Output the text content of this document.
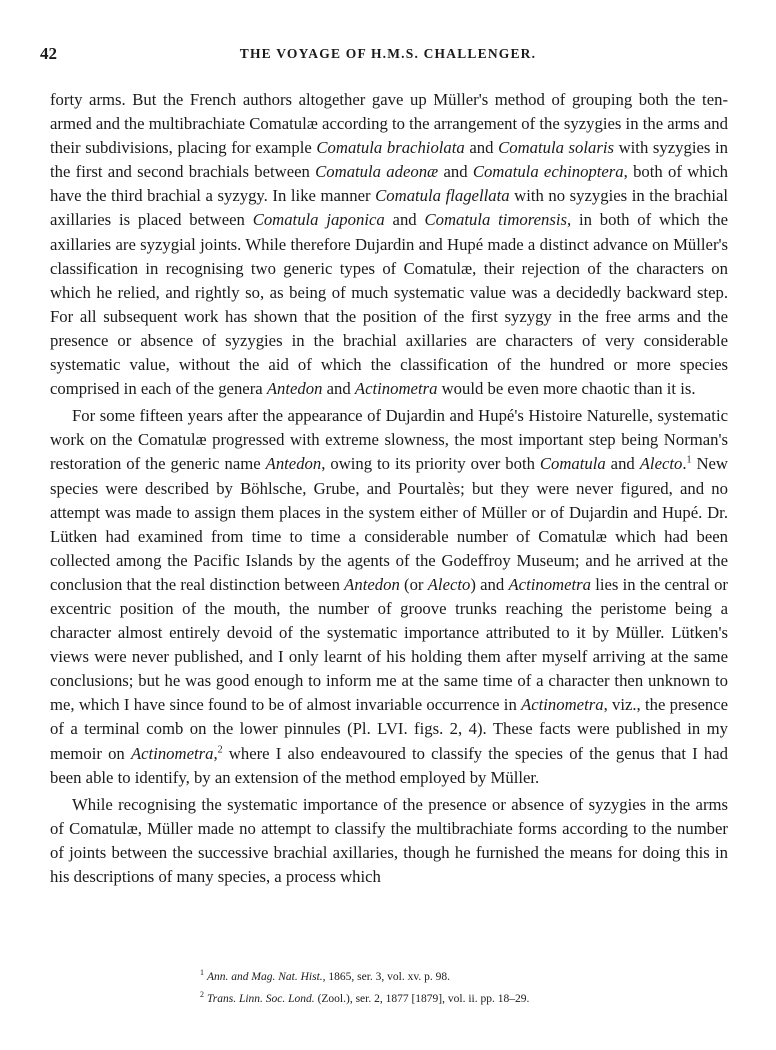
42	THE VOYAGE OF H.M.S. CHALLENGER.

forty arms. But the French authors altogether gave up Müller's method of grouping both the ten-armed and the multibrachiate Comatulæ according to the arrangement of the syzygies in the arms and their subdivisions, placing for example Comatula brachiolata and Comatula solaris with syzygies in the first and second brachials between Comatula adeonæ and Comatula echinoptera, both of which have the third brachial a syzygy. In like manner Comatula flagellata with no syzygies in the brachial axillaries is placed between Comatula japonica and Comatula timorensis, in both of which the axillaries are syzygial joints. While therefore Dujardin and Hupé made a distinct advance on Müller's classification in recognising two generic types of Comatulæ, their rejection of the characters on which he relied, and rightly so, as being of much systematic value was a decidedly backward step. For all subsequent work has shown that the position of the first syzygy in the free arms and the presence or absence of syzygies in the brachial axillaries are characters of very considerable systematic value, without the aid of which the classification of the hundred or more species comprised in each of the genera Antedon and Actinometra would be even more chaotic than it is.

For some fifteen years after the appearance of Dujardin and Hupé's Histoire Naturelle, systematic work on the Comatulæ progressed with extreme slowness, the most important step being Norman's restoration of the generic name Antedon, owing to its priority over both Comatula and Alecto.$^1$ New species were described by Böhlsche, Grube, and Pourtalès; but they were never figured, and no attempt was made to assign them places in the system either of Müller or of Dujardin and Hupé. Dr. Lütken had examined from time to time a considerable number of Comatulæ which had been collected among the Pacific Islands by the agents of the Godeffroy Museum; and he arrived at the conclusion that the real distinction between Antedon (or Alecto) and Actinometra lies in the central or excentric position of the mouth, the number of groove trunks reaching the peristome being a character almost entirely devoid of the systematic importance attributed to it by Müller. Lütken's views were never published, and I only learnt of his holding them after myself arriving at the same conclusions; but he was good enough to inform me at the same time of a character then unknown to me, which I have since found to be of almost invariable occurrence in Actinometra, viz., the presence of a terminal comb on the lower pinnules (Pl. LVI. figs. 2, 4). These facts were published in my memoir on Actinometra,$^2$ where I also endeavoured to classify the species of the genus that I had been able to identify, by an extension of the method employed by Müller.

While recognising the systematic importance of the presence or absence of syzygies in the arms of Comatulæ, Müller made no attempt to classify the multibrachiate forms according to the number of joints between the successive brachial axillaries, though he furnished the means for doing this in his descriptions of many species, a process which

$^1$ Ann. and Mag. Nat. Hist., 1865, ser. 3, vol. xv. p. 98.

$^2$ Trans. Linn. Soc. Lond. (Zool.), ser. 2, 1877 [1879], vol. ii. pp. 18–29.
